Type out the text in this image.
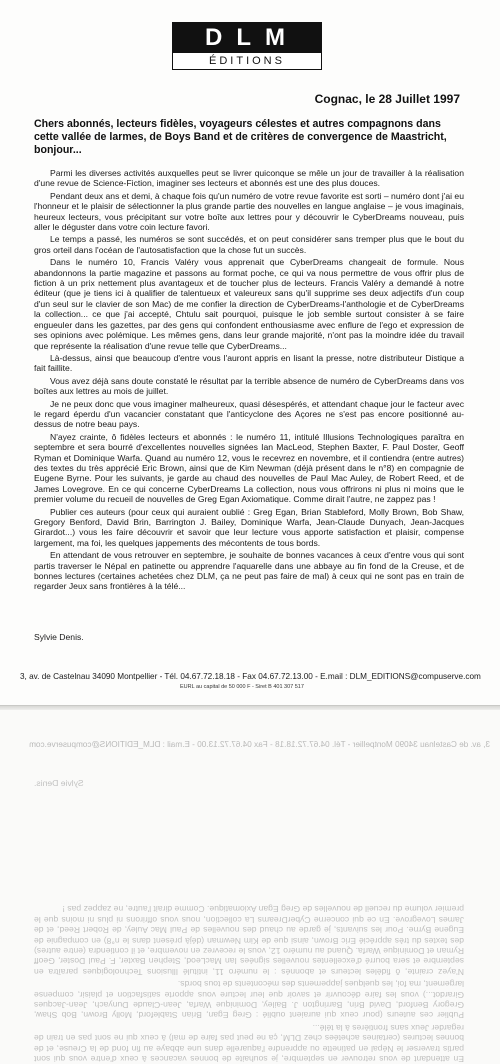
DLM
ÉDITIONS
Cognac, le 28 Juillet 1997
Chers abonnés, lecteurs fidèles, voyageurs célestes et autres compagnons dans cette vallée de larmes, de Boys Band et de critères de convergence de Maastricht, bonjour...

Parmi les diverses activités auxquelles peut se livrer quiconque se mêle un jour de travailler à la réalisation d'une revue de Science-Fiction, imaginer ses lecteurs et abonnés est une des plus douces.

Pendant deux ans et demi, à chaque fois qu'un numéro de votre revue favorite est sorti – numéro dont j'ai eu l'honneur et le plaisir de sélectionner la plus grande partie des nouvelles en langue anglaise – je vous imaginais, heureux lecteurs, vous précipitant sur votre boîte aux lettres pour y découvrir le CyberDreams nouveau, puis aller le déguster dans votre coin lecture favori.

Le temps a passé, les numéros se sont succédés, et on peut considérer sans tremper plus que le bout du gros orteil dans l'océan de l'autosatisfaction que la chose fut un succès.

Dans le numéro 10, Francis Valéry vous apprenait que CyberDreams changeait de formule. Nous abandonnons la partie magazine et passons au format poche, ce qui va nous permettre de vous offrir plus de fiction à un prix nettement plus avantageux et de toucher plus de lecteurs. Francis Valéry a demandé à notre éditeur (que je tiens ici à qualifier de talentueux et valeureux sans qu'il supprime ses deux adjectifs d'un coup d'un seul sur le clavier de son Mac) de me confier la direction de CyberDreams-l'anthologie et de CyberDreams la collection... ce que j'ai accepté, Chtulu sait pourquoi, puisque le job semble surtout consister à se faire engueuler dans les gazettes, par des gens qui confondent enthousiasme avec enflure de l'ego et expression de ses opinions avec polémique. Les mêmes gens, dans leur grande majorité, n'ont pas la moindre idée du travail que représente la réalisation d'une revue telle que CyberDreams...

Là-dessus, ainsi que beaucoup d'entre vous l'auront appris en lisant la presse, notre distributeur Distique a fait faillite.

Vous avez déjà sans doute constaté le résultat par la terrible absence de numéro de CyberDreams dans vos boîtes aux lettres au mois de juillet.

Je ne peux donc que vous imaginer malheureux, quasi désespérés, et attendant chaque jour le facteur avec le regard éperdu d'un vacancier constatant que l'anticyclone des Açores ne s'est pas encore positionné au-dessus de notre beau pays.

N'ayez crainte, ô fidèles lecteurs et abonnés : le numéro 11, intitulé Illusions Technologiques paraîtra en septembre et sera bourré d'excellentes nouvelles signées Ian MacLeod, Stephen Baxter, F. Paul Doster, Geoff Ryman et Dominique Warfa. Quand au numéro 12, vous le recevrez en novembre, et il contiendra (entre autres) des textes du très apprécié Eric Brown, ainsi que de Kim Newman (déjà présent dans le n°8) en compagnie de Eugene Byrne. Pour les suivants, je garde au chaud des nouvelles de Paul Mac Auley, de Robert Reed, et de James Lovegrove. En ce qui concerne CyberDreams La collection, nous vous offrirons ni plus ni moins que le premier volume du recueil de nouvelles de Greg Egan Axiomatique. Comme dirait l'autre, ne zappez pas !

Publier ces auteurs (pour ceux qui auraient oublié : Greg Egan, Brian Stableford, Molly Brown, Bob Shaw, Gregory Benford, David Brin, Barrington J. Bailey, Dominique Warfa, Jean-Claude Dunyach, Jean-Jacques Girardot...) vous les faire découvrir et savoir que leur lecture vous apporte satisfaction et plaisir, compense largement, ma foi, les quelques jappements des mécontents de tous bords.

En attendant de vous retrouver en septembre, je souhaite de bonnes vacances à ceux d'entre vous qui sont partis traverser le Népal en patinette ou apprendre l'aquarelle dans une abbaye au fin fond de la Creuse, et de bonnes lectures (certaines achetées chez DLM, ça ne peut pas faire de mal) à ceux qui ne sont pas en train de regarder Jeux sans frontières à la télé...

Sylvie Denis.
3, av. de Castelnau 34090 Montpellier - Tél. 04.67.72.18.18 - Fax 04.67.72.13.00 - E.mail : DLM_EDITIONS@compuserve.com
EURL au capital de 50 000 F - Siret B 401 307 517
3, av. de Castelnau 34090 Montpellier - Tél. 04.67.72.18.18 - Fax 04.67.72.13.00 - E.mail : DLM_EDITIONS@compuserve.com
Sylvie Denis.

En attendant de vous retrouver en septembre, je souhaite de bonnes vacances à ceux d'entre vous qui sont partis traverser le Népal en patinette ou apprendre l'aquarelle dans une abbaye au fin fond de la Creuse, et de bonnes lectures (certaines achetées chez DLM, ça ne peut pas faire de mal) à ceux qui ne sont pas en train de regarder Jeux sans frontières à la télé...

Publier ces auteurs (pour ceux qui auraient oublié : Greg Egan, Brian Stableford, Molly Brown, Bob Shaw, Gregory Benford, David Brin, Barrington J. Bailey, Dominique Warfa, Jean-Claude Dunyach, Jean-Jacques Girardot...) vous les faire découvrir et savoir que leur lecture vous apporte satisfaction et plaisir, compense largement, ma foi, les quelques jappements des mécontents de tous bords.

N'ayez crainte, ô fidèles lecteurs et abonnés : le numéro 11, intitulé Illusions Technologiques paraîtra en septembre et sera bourré d'excellentes nouvelles signées Ian MacLeod, Stephen Baxter, F. Paul Doster, Geoff Ryman et Dominique Warfa. Quand au numéro 12, vous le recevrez en novembre, et il contiendra (entre autres) des textes du très apprécié Eric Brown, ainsi que de Kim Newman (déjà présent dans le n°8) en compagnie de Eugene Byrne. Pour les suivants, je garde au chaud des nouvelles de Paul Mac Auley, de Robert Reed, et de James Lovegrove. En ce qui concerne CyberDreams La collection, nous vous offrirons ni plus ni moins que le premier volume du recueil de nouvelles de Greg Egan Axiomatique. Comme dirait l'autre, ne zappez pas !
